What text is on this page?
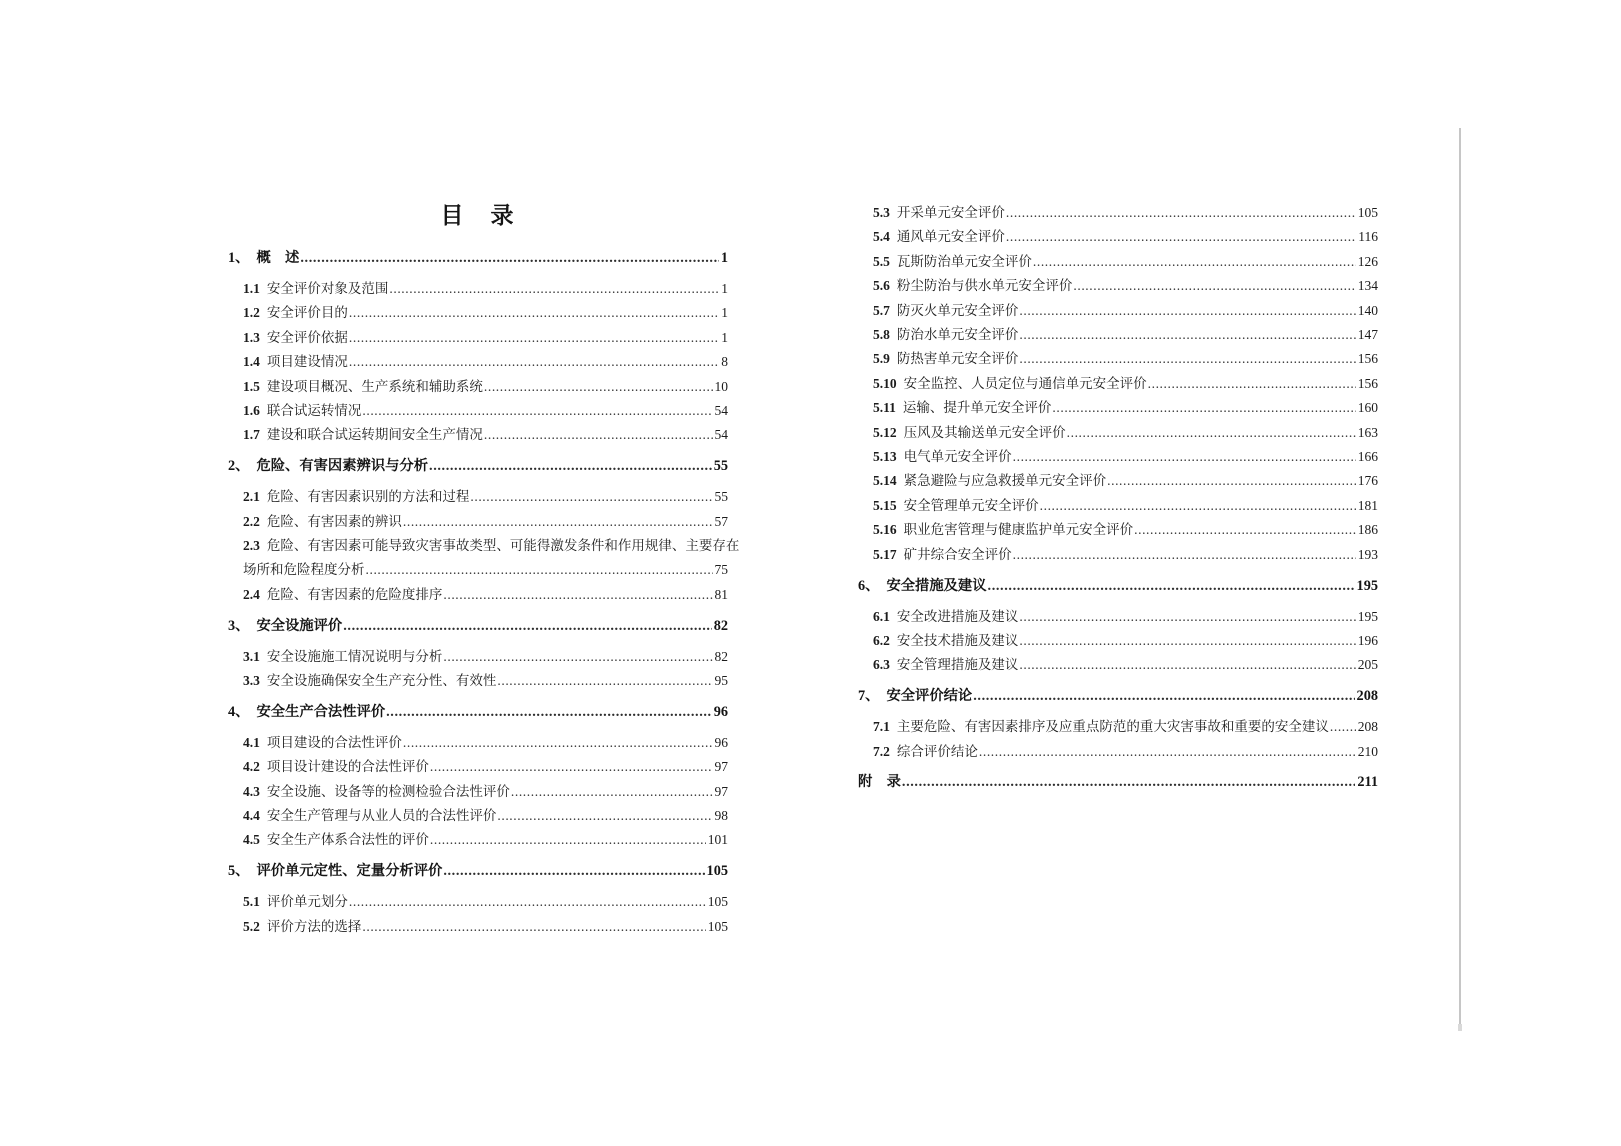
目　录
1、 概　述 .....	1
1.1 安全评价对象及范围 .....	1
1.2 安全评价目的 .....	1
1.3 安全评价依据 .....	1
1.4 项目建设情况 .....	8
1.5 建设项目概况、生产系统和辅助系统 .....	10
1.6 联合试运转情况 .....	54
1.7 建设和联合试运转期间安全生产情况 .....	54
2、 危险、有害因素辨识与分析 .....	55
2.1 危险、有害因素识别的方法和过程 .....	55
2.2 危险、有害因素的辨识 .....	57
2.3 危险、有害因素可能导致灾害事故类型、可能得激发条件和作用规律、主要存在
场所和危险程度分析 .....	75
2.4 危险、有害因素的危险度排序 .....	81
3、 安全设施评价 .....	82
3.1 安全设施施工情况说明与分析 .....	82
3.3 安全设施确保安全生产充分性、有效性 .....	95
4、 安全生产合法性评价 .....	96
4.1 项目建设的合法性评价 .....	96
4.2 项目设计建设的合法性评价 .....	97
4.3 安全设施、设备等的检测检验合法性评价 .....	97
4.4 安全生产管理与从业人员的合法性评价 .....	98
4.5 安全生产体系合法性的评价 .....	101
5、 评价单元定性、定量分析评价 .....	105
5.1 评价单元划分 .....	105
5.2 评价方法的选择 .....	105
5.3 开采单元安全评价 .....	105
5.4 通风单元安全评价 .....	116
5.5 瓦斯防治单元安全评价 .....	126
5.6 粉尘防治与供水单元安全评价 .....	134
5.7 防灭火单元安全评价 .....	140
5.8 防治水单元安全评价 .....	147
5.9 防热害单元安全评价 .....	156
5.10 安全监控、人员定位与通信单元安全评价 .....	156
5.11 运输、提升单元安全评价 .....	160
5.12 压风及其输送单元安全评价 .....	163
5.13 电气单元安全评价 .....	166
5.14 紧急避险与应急救援单元安全评价 .....	176
5.15 安全管理单元安全评价 .....	181
5.16 职业危害管理与健康监护单元安全评价 .....	186
5.17 矿井综合安全评价 .....	193
6、 安全措施及建议 .....	195
6.1 安全改进措施及建议 .....	195
6.2 安全技术措施及建议 .....	196
6.3 安全管理措施及建议 .....	205
7、 安全评价结论 .....	208
7.1 主要危险、有害因素排序及应重点防范的重大灾害事故和重要的安全建议 ..... 208
7.2 综合评价结论 .....	210
附　录 .....	211
